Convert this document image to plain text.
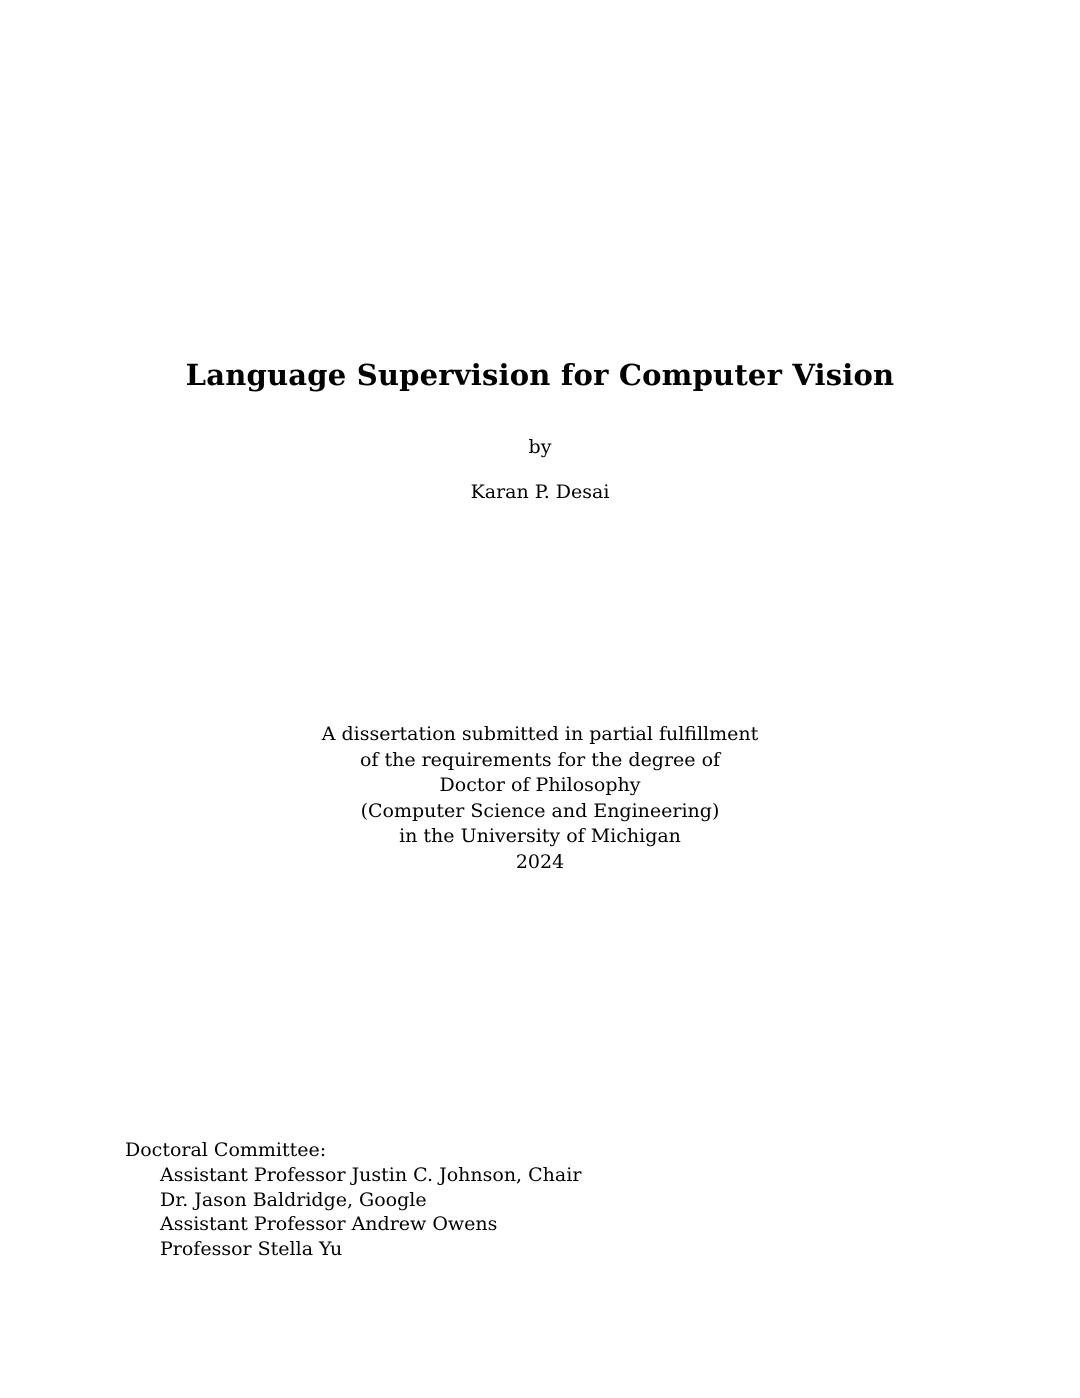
Language Supervision for Computer Vision
by
Karan P. Desai
A dissertation submitted in partial fulfillment
of the requirements for the degree of
Doctor of Philosophy
(Computer Science and Engineering)
in the University of Michigan
2024
Doctoral Committee:
Assistant Professor Justin C. Johnson, Chair
Dr. Jason Baldridge, Google
Assistant Professor Andrew Owens
Professor Stella Yu
